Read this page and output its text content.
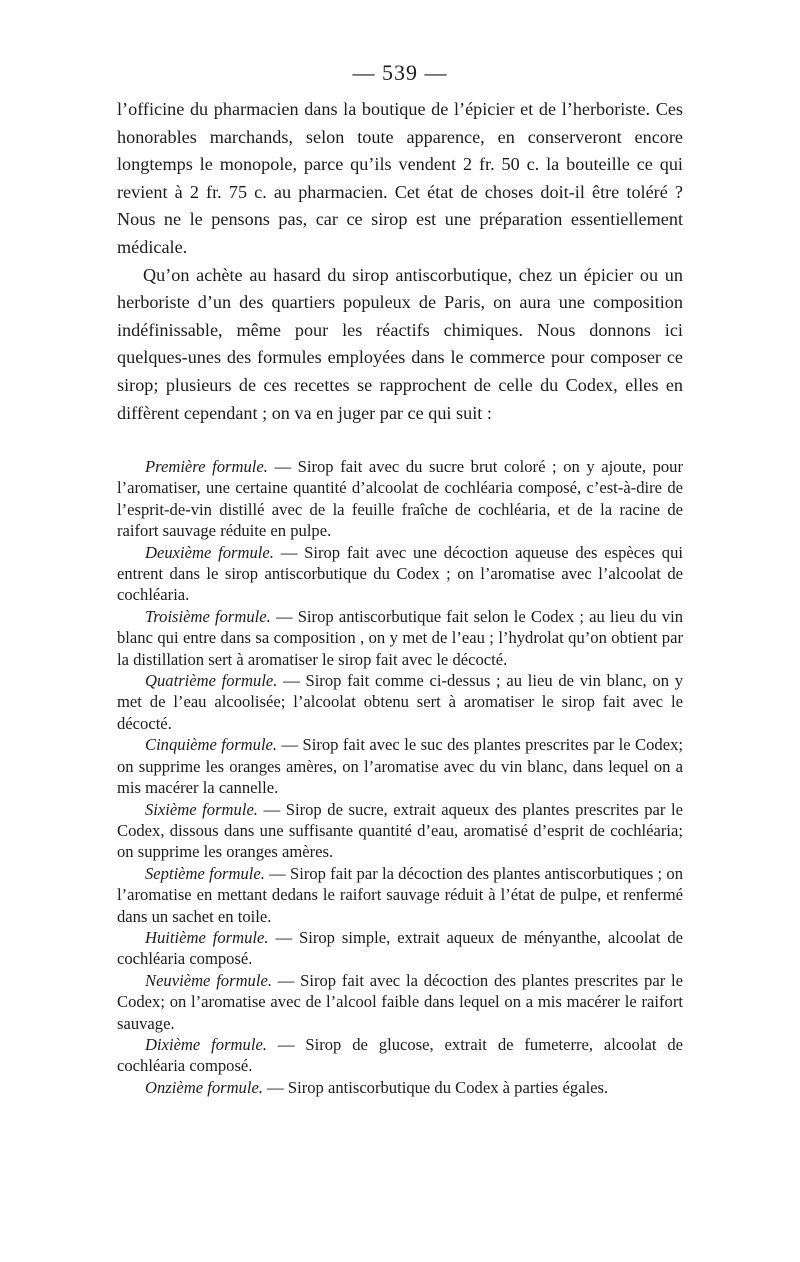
— 539 —

l’officine du pharmacien dans la boutique de l’épicier et de l’herboriste. Ces honorables marchands, selon toute apparence, en conserveront encore longtemps le monopole, parce qu’ils vendent 2 fr. 50 c. la bouteille ce qui revient à 2 fr. 75 c. au pharmacien. Cet état de choses doit-il être toléré ? Nous ne le pensons pas, car ce sirop est une préparation essentiellement médicale.

Qu’on achète au hasard du sirop antiscorbutique, chez un épicier ou un herboriste d’un des quartiers populeux de Paris, on aura une composition indéfinissable, même pour les réactifs chimiques. Nous donnons ici quelques-unes des formules employées dans le commerce pour composer ce sirop; plusieurs de ces recettes se rapprochent de celle du Codex, elles en diffèrent cependant ; on va en juger par ce qui suit :

Première formule. — Sirop fait avec du sucre brut coloré ; on y ajoute, pour l’aromatiser, une certaine quantité d’alcoolat de cochléaria composé, c’est-à-dire de l’esprit-de-vin distillé avec de la feuille fraîche de cochléaria, et de la racine de raifort sauvage réduite en pulpe.

Deuxième formule. — Sirop fait avec une décoction aqueuse des espèces qui entrent dans le sirop antiscorbutique du Codex ; on l’aromatise avec l’alcoolat de cochléaria.

Troisième formule. — Sirop antiscorbutique fait selon le Codex ; au lieu du vin blanc qui entre dans sa composition , on y met de l’eau ; l’hydrolat qu’on obtient par la distillation sert à aromatiser le sirop fait avec le décocté.

Quatrième formule. — Sirop fait comme ci-dessus ; au lieu de vin blanc, on y met de l’eau alcoolisée; l’alcoolat obtenu sert à aromatiser le sirop fait avec le décocté.

Cinquième formule. — Sirop fait avec le suc des plantes prescrites par le Codex; on supprime les oranges amères, on l’aromatise avec du vin blanc, dans lequel on a mis macérer la cannelle.

Sixième formule. — Sirop de sucre, extrait aqueux des plantes prescrites par le Codex, dissous dans une suffisante quantité d’eau, aromatisé d’esprit de cochléaria; on supprime les oranges amères.

Septième formule. — Sirop fait par la décoction des plantes antiscorbutiques ; on l’aromatise en mettant dedans le raifort sauvage réduit à l’état de pulpe, et renfermé dans un sachet en toile.

Huitième formule. — Sirop simple, extrait aqueux de ményanthe, alcoolat de cochléaria composé.

Neuvième formule. — Sirop fait avec la décoction des plantes prescrites par le Codex; on l’aromatise avec de l’alcool faible dans lequel on a mis macérer le raifort sauvage.

Dixième formule. — Sirop de glucose, extrait de fumeterre, alcoolat de cochléaria composé.

Onzième formule. — Sirop antiscorbutique du Codex à parties égales.
